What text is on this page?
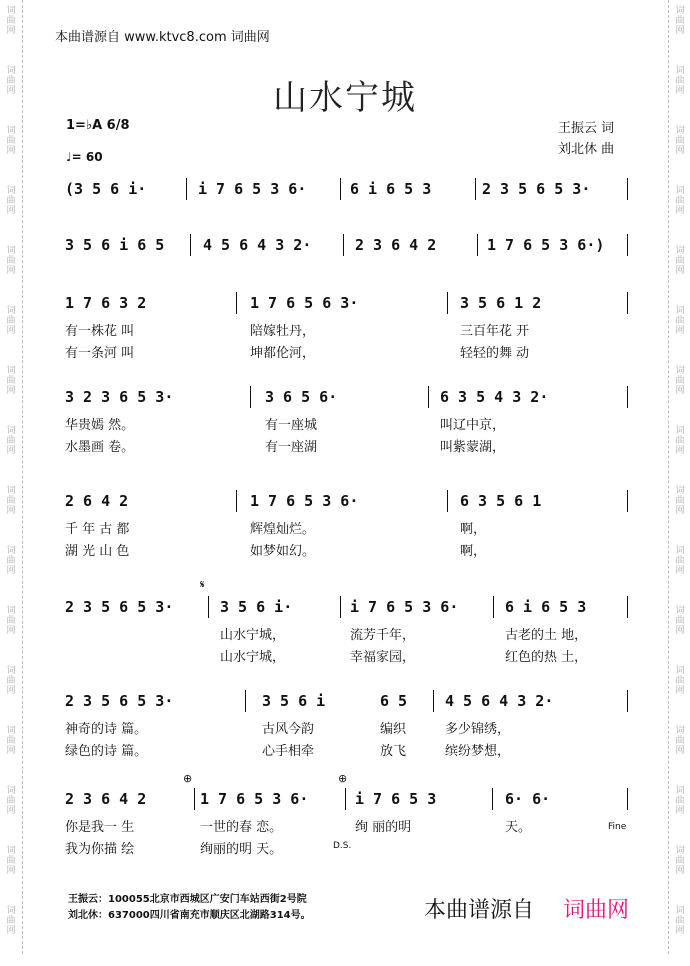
词
曲
网
词
曲
网
词
曲
网
词
曲
网
词
曲
网
词
曲
网
词
曲
网
词
曲
网
词
曲
网
词
曲
网
词
曲
网
词
曲
网
词
曲
网
词
曲
网
词
曲
网
词
曲
网
词
曲
网
词
曲
网
词
曲
网
词
曲
网
词
曲
网
词
曲
网
词
曲
网
词
曲
网
词
曲
网
词
曲
网
词
曲
网
词
曲
网
词
曲
网
词
曲
网
词
曲
网
词
曲
网
本曲谱源自 www.ktvc8.com 词曲网
山水宁城
1=♭A 6/8
♩= 60
王振云 词
刘北休 曲
(3 5 6 i·	i 7 6 5 3 6·	6 i 6 5 3	2 3 5 6 5 3·
3 5 6 i 6 5	4 5 6 4 3 2·	2 3 6 4 2	1 7 6 5 3 6·)
1 7 6 3 2	1 7 6 5 6 3·	3 5 6 1 2
有一株花 叫	陪嫁牡丹，	三百年花 开
有一条河 叫	坤都伦河，	轻轻的舞 动
3 2 3 6 5 3·	3 6 5 6·	6 3 5 4 3 2·
华贵嫣 然。	有一座城	叫辽中京，
水墨画 卷。	有一座湖	叫紫蒙湖，
2 6 4 2	1 7 6 5 3 6·	6 3 5 6 1
千 年 古 都	辉煌灿烂。	啊，
湖 光 山 色	如梦如幻。	啊，
2 3 5 6 5 3·	3 5 6 i·	i 7 6 5 3 6·	6 i 6 5 3
山水宁城，	流芳千年，	古老的土 地，
山水宁城，	幸福家园，	红色的热 土，
2 3 5 6 5 3·	3 5 6 i	6 5	4 5 6 4 3 2·
神奇的诗 篇。	古风今韵	编织	多少锦绣，
绿色的诗 篇。	心手相牵	放飞	缤纷梦想，
2 3 6 4 2	1 7 6 5 3 6·	i 7 6 5 3	6· 6·
你是我一 生	一世的春 恋。	绚 丽的明	天。
我为你描 绘	绚丽的明 天。
𝄋
⊕	⊕
Fine
D.S.
王振云：100055北京市西城区广安门车站西街2号院
刘北休：637000四川省南充市顺庆区北湖路314号。	本曲谱源自 词曲网
